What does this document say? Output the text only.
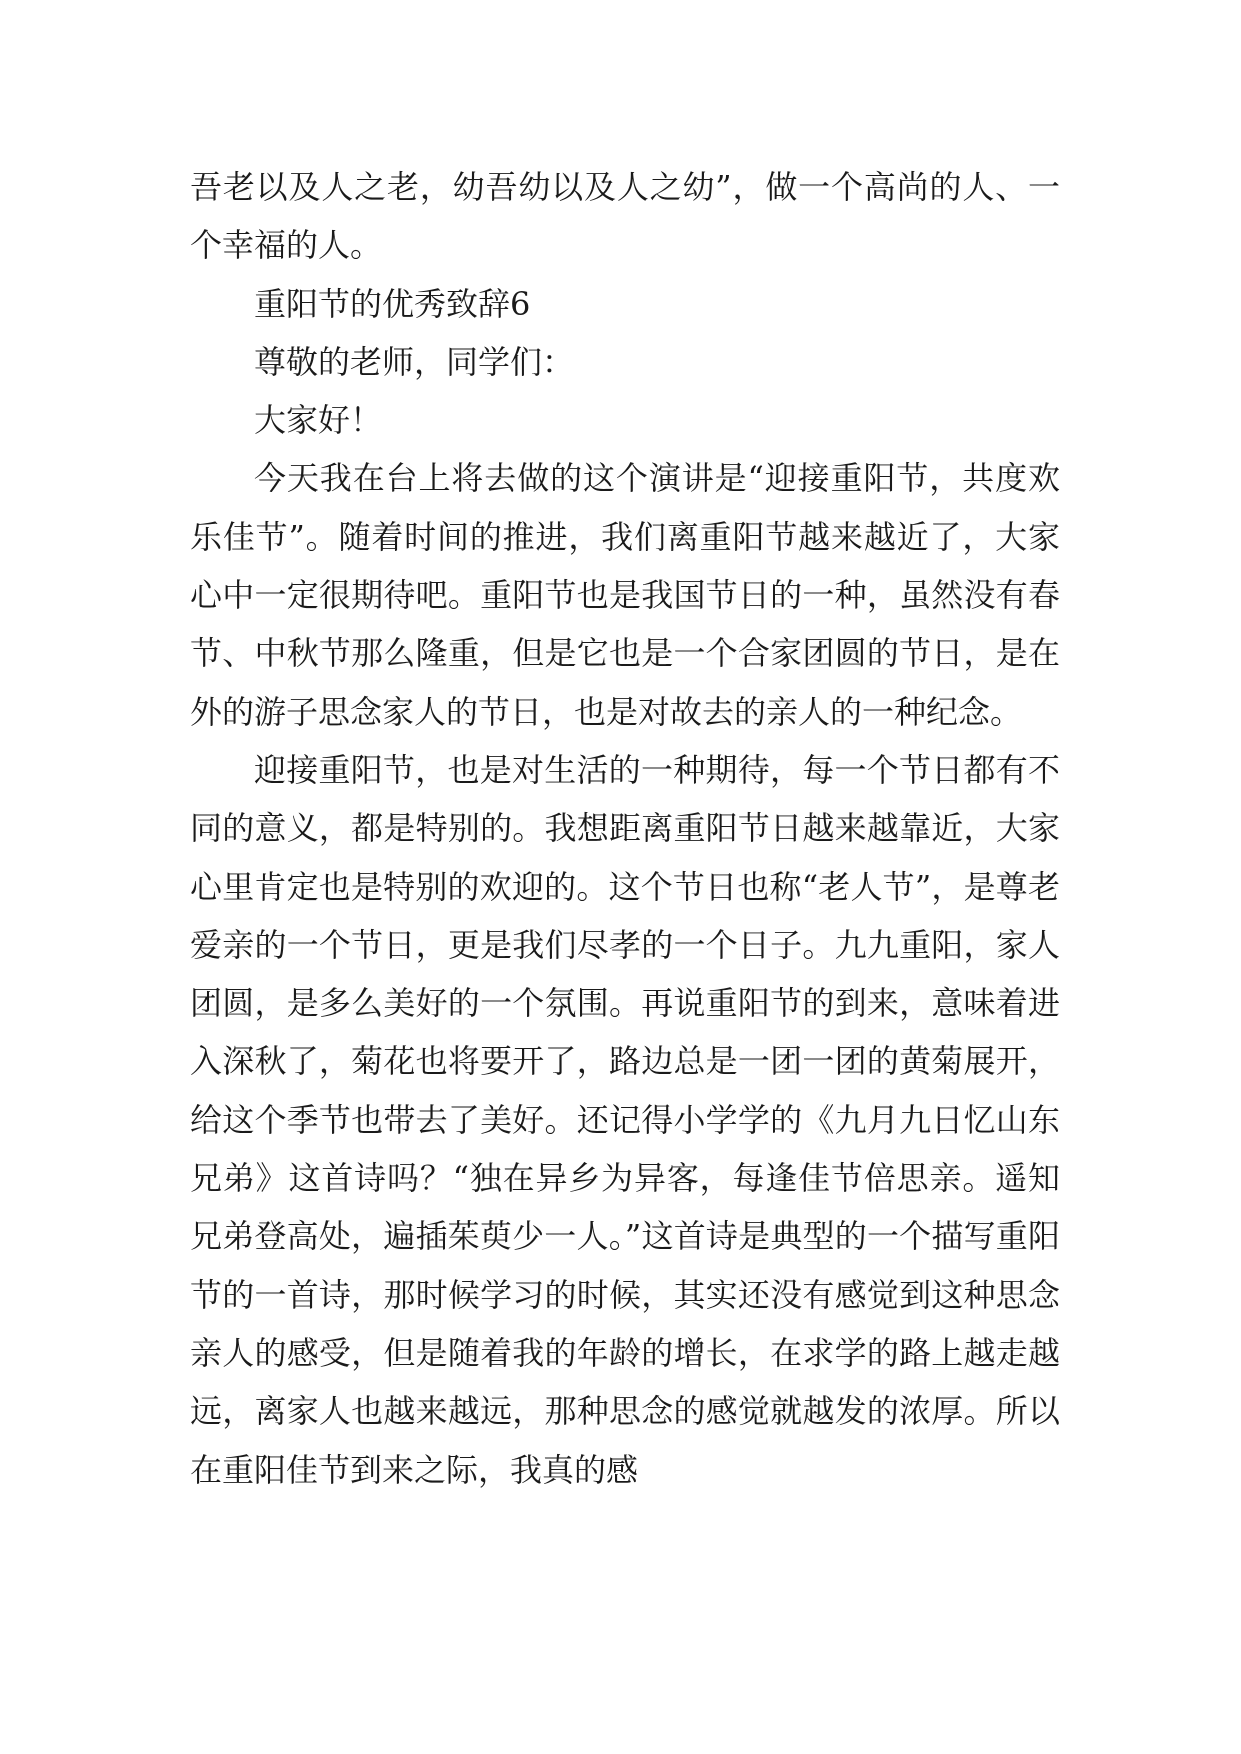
吾老以及人之老，幼吾幼以及人之幼”，做一个高尚的人、一个幸福的人。

重阳节的优秀致辞6

尊敬的老师，同学们：

大家好！

今天我在台上将去做的这个演讲是“迎接重阳节，共度欢乐佳节”。随着时间的推进，我们离重阳节越来越近了，大家心中一定很期待吧。重阳节也是我国节日的一种，虽然没有春节、中秋节那么隆重，但是它也是一个合家团圆的节日，是在外的游子思念家人的节日，也是对故去的亲人的一种纪念。

迎接重阳节，也是对生活的一种期待，每一个节日都有不同的意义，都是特别的。我想距离重阳节日越来越靠近，大家心里肯定也是特别的欢迎的。这个节日也称“老人节”，是尊老爱亲的一个节日，更是我们尽孝的一个日子。九九重阳，家人团圆，是多么美好的一个氛围。再说重阳节的到来，意味着进入深秋了，菊花也将要开了，路边总是一团一团的黄菊展开，给这个季节也带去了美好。还记得小学学的《九月九日忆山东兄弟》这首诗吗？“独在异乡为异客，每逢佳节倍思亲。遥知兄弟登高处，遍插茱萸少一人。”这首诗是典型的一个描写重阳节的一首诗，那时候学习的时候，其实还没有感觉到这种思念亲人的感受，但是随着我的年龄的增长，在求学的路上越走越远，离家人也越来越远，那种思念的感觉就越发的浓厚。所以在重阳佳节到来之际，我真的感
